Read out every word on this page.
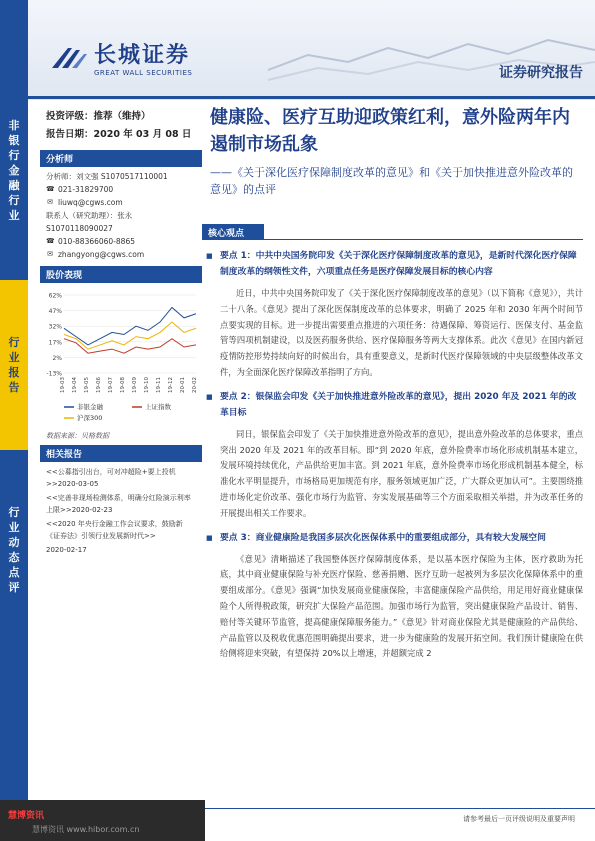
非
银
行
金
融
行
业
行
业
报
告
行
业
动
态
点
评
长城证券
GREAT WALL SECURITIES	证券研究报告
投资评级：推荐（维持）
报告日期：2020 年 03 月 08 日
分析师
分析师：刘文强 S1070517110001
☎ 021-31829700
✉ liuwq@cgws.com
联系人（研究助理）：张永 S1070118090027
☎ 010-88366060-8865
✉ zhangyong@cgws.com
股价表现
62%
47%
32%
17%
2%
-13%
19-03 19-04 19-05 19-06 19-07 19-08 19-09 19-10 19-11 19-12 20-01 20-02
非银金融	上证指数
沪深300
数据来源：贝格数据
相关报告
<<公募指引出台，可对冲超险+要上投机>>2020-03-05
<<完善非现场检测体系，明确分红险演示利率上限>>2020-02-23
<<2020 年央行金融工作会议要求，鼓励新《证券法》引领行业发展新时代>>
2020-02-17
健康险、医疗互助迎政策红利，意外险两年内遏制市场乱象
——《关于深化医疗保障制度改革的意见》和《关于加快推进意外险改革的意见》的点评
核心观点
■ 要点 1：中共中央国务院印发《关于深化医疗保障制度改革的意见》，是新时代深化医疗保障制度改革的纲领性文件，六项重点任务是医疗保障发展目标的核心内容
近日，中共中央国务院印发了《关于深化医疗保障制度改革的意见》（以下简称《意见》），共计二十八条。《意见》提出了深化医保制度改革的总体要求，明确了 2025 年和 2030 年两个时间节点要实现的目标。进一步提出需要重点推进的六项任务：待遇保障、筹资运行、医保支付、基金监管等四项机制建设，以及医药服务供给、医疗保障服务等两大支撑体系。此次《意见》在国内新冠疫情防控形势持续向好的时候出台，具有重要意义，是新时代医疗保障领域的中央层级整体改革文件，为全面深化医疗保障改革指明了方向。
■ 要点 2：银保监会印发《关于加快推进意外险改革的意见》，提出 2020 年及 2021 年的改革目标
同日，银保监会印发了《关于加快推进意外险改革的意见》，提出意外险改革的总体要求，重点突出 2020 年及 2021 年的改革目标。即“到 2020 年底，意外险费率市场化形成机制基本建立，发展环境持续优化，产品供给更加丰富。到 2021 年底，意外险费率市场化形成机制基本健全，标准化水平明显提升，市场格局更加规范有序，服务领域更加广泛，广大群众更加认可”。主要围绕推进市场化定价改革、强化市场行为监管、夯实发展基础等三个方面采取相关举措，并为改革任务的开展提出相关工作要求。
■ 要点 3：商业健康险是我国多层次化医保体系中的重要组成部分，具有较大发展空间
《意见》清晰描述了我国整体医疗保障制度体系，是以基本医疗保险为主体，医疗救助为托底，其中商业健康保险与补充医疗保险、慈善捐赠、医疗互助一起被列为多层次化保障体系中的重要组成部分。《意见》强调“加快发展商业健康保险，丰富健康保险产品供给，用足用好商业健康保险个人所得税政策，研究扩大保险产品范围。加强市场行为监管，突出健康保险产品设计、销售、赔付等关键环节监管，提高健康保障服务能力。”《意见》针对商业保险尤其是健康险的产品供给、产品监管以及税收优惠范围明确提出要求，进一步为健康险的发展开拓空间。我们预计健康险在供给侧将迎来突破，有望保持 20%以上增速，并超额完成 2
慧博资讯
慧博资讯 www.hibor.com.cn
请参考最后一页评级说明及重要声明
